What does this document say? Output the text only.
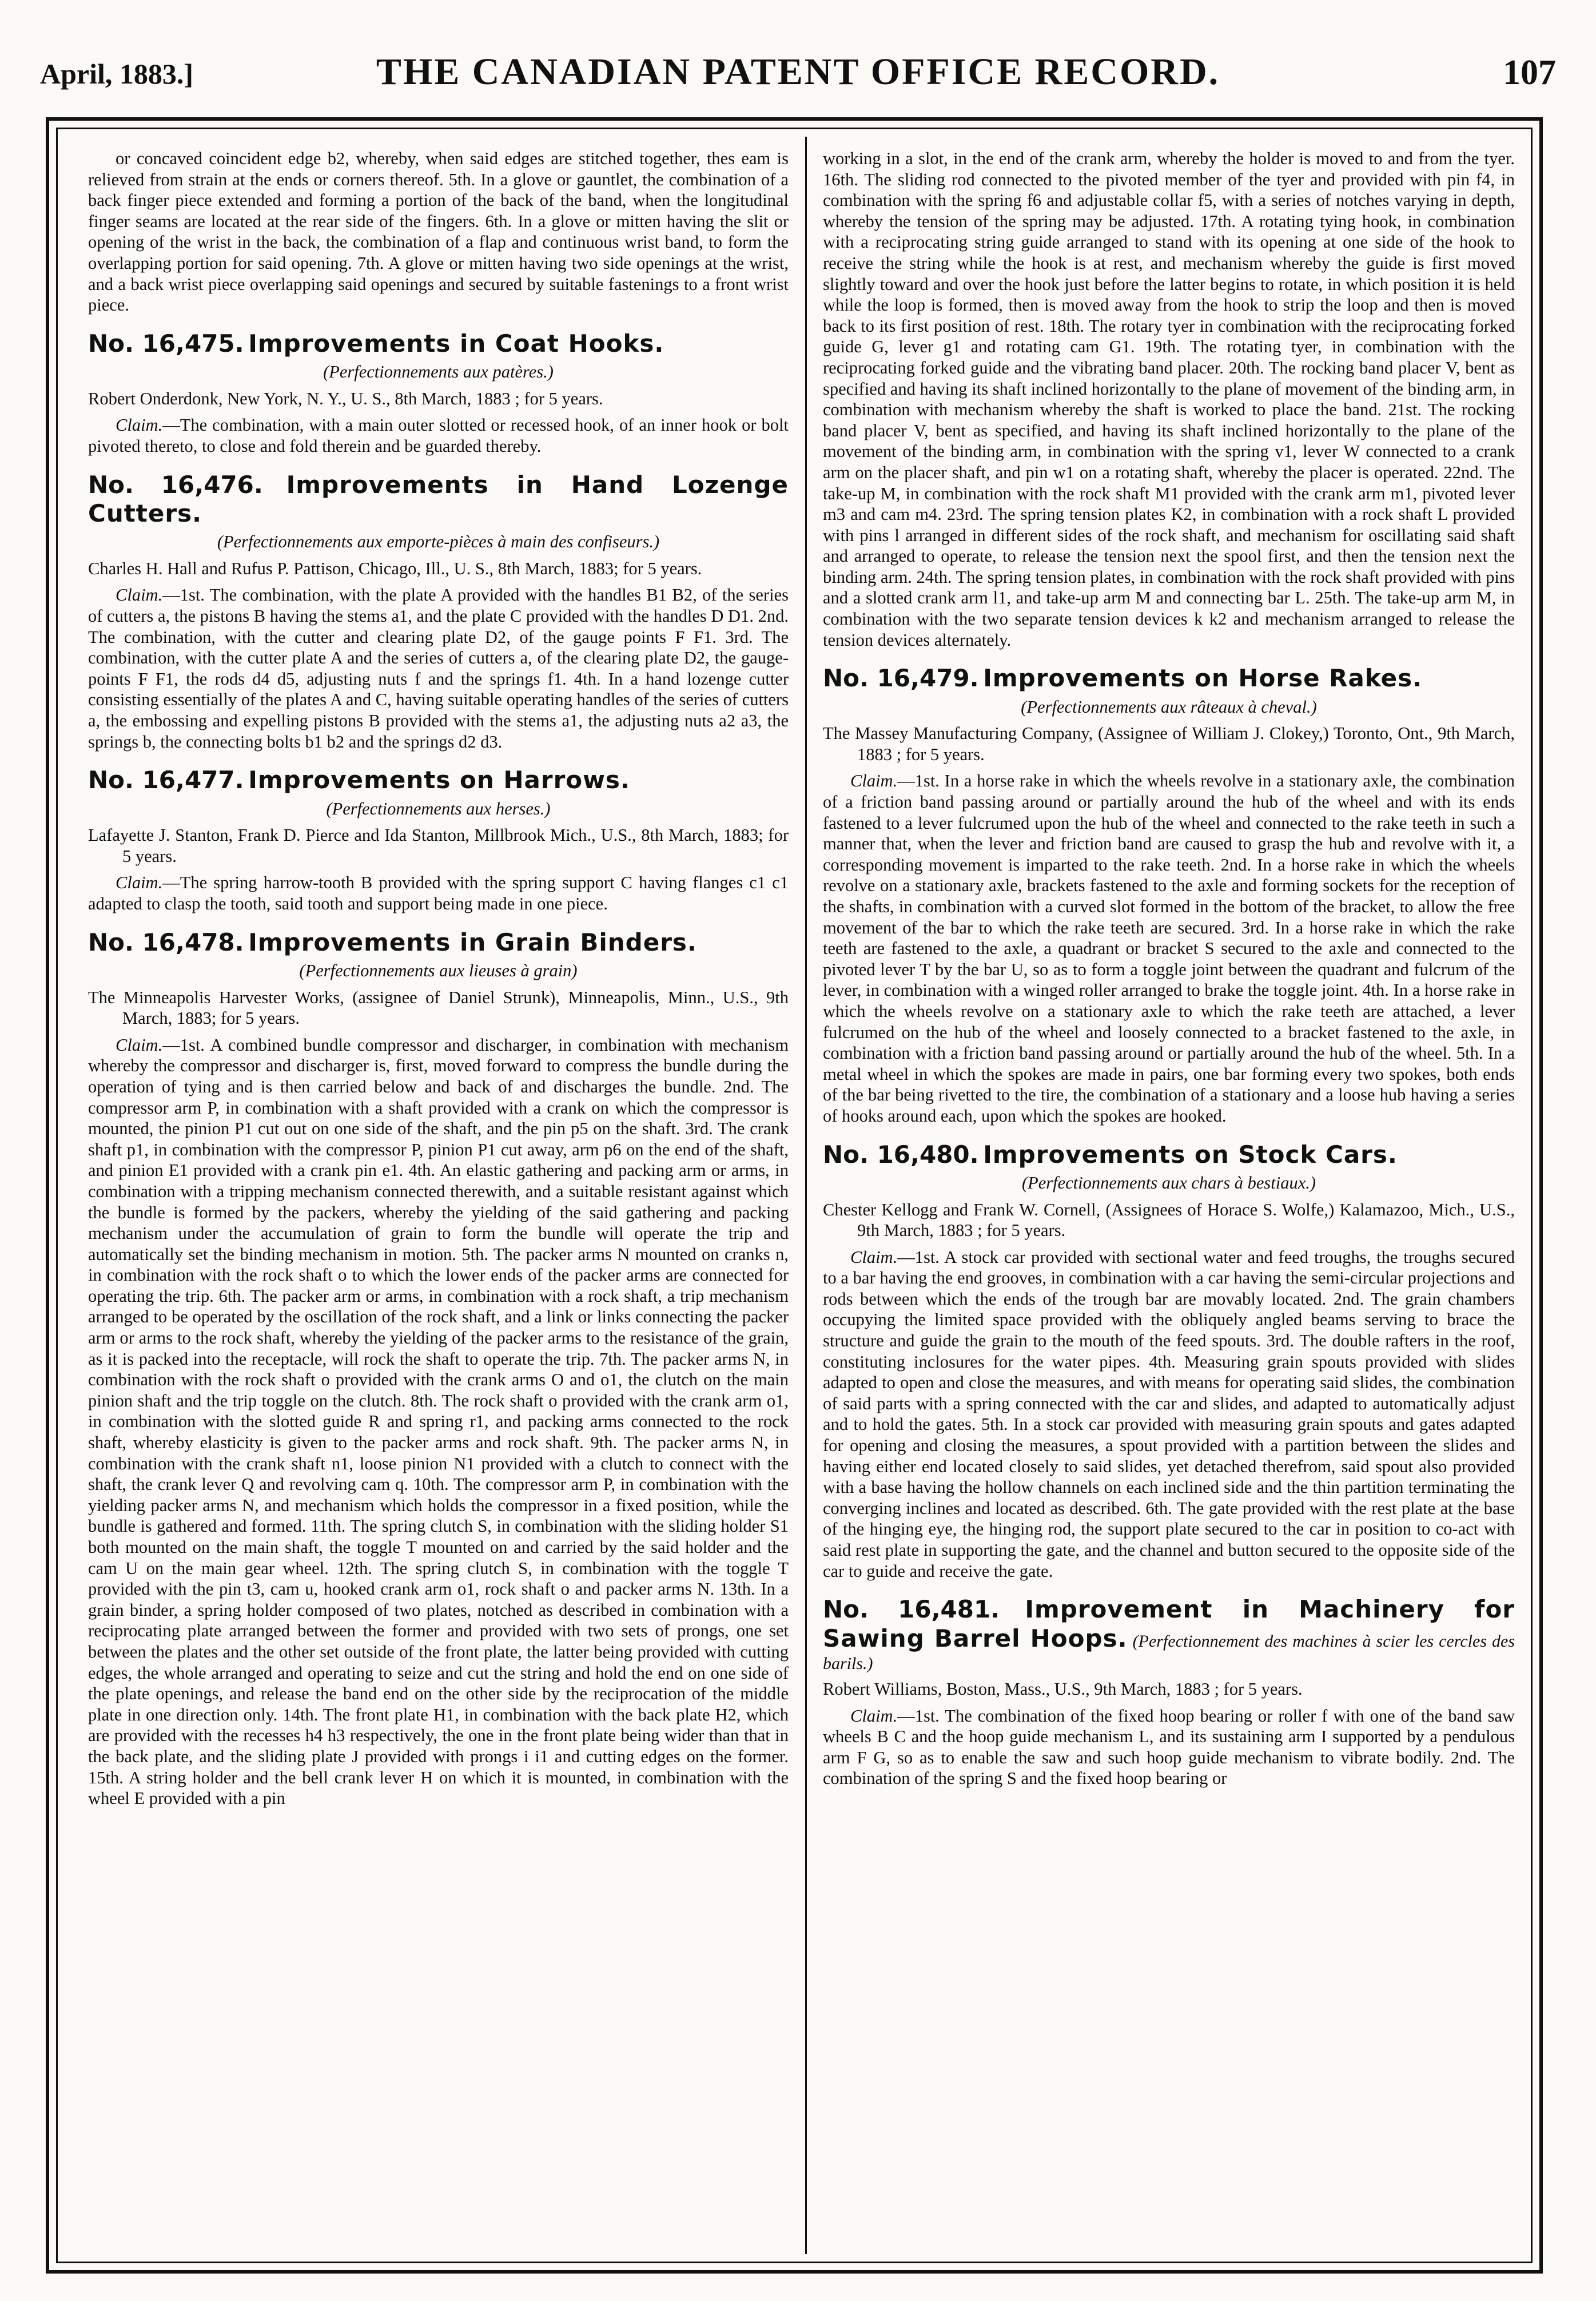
April, 1883.]	THE CANADIAN PATENT OFFICE RECORD.	107

or concaved coincident edge b2, whereby, when said edges are stitched together, thes eam is relieved from strain at the ends or corners thereof. 5th. In a glove or gauntlet, the combination of a back finger piece extended and forming a portion of the back of the band, when the longitudinal finger seams are located at the rear side of the fingers. 6th. In a glove or mitten having the slit or opening of the wrist in the back, the combination of a flap and continuous wrist band, to form the overlapping portion for said opening. 7th. A glove or mitten having two side openings at the wrist, and a back wrist piece overlapping said openings and secured by suitable fastenings to a front wrist piece.

No. 16,475. Improvements in Coat Hooks.

(Perfectionnements aux patères.)

Robert Onderdonk, New York, N. Y., U. S., 8th March, 1883 ; for 5 years.

Claim.—The combination, with a main outer slotted or recessed hook, of an inner hook or bolt pivoted thereto, to close and fold therein and be guarded thereby.

No. 16,476. Improvements in Hand Lozenge Cutters.

(Perfectionnements aux emporte-pièces à main des confiseurs.)

Charles H. Hall and Rufus P. Pattison, Chicago, Ill., U. S., 8th March, 1883; for 5 years.

Claim.—1st. The combination, with the plate A provided with the handles B1 B2, of the series of cutters a, the pistons B having the stems a1, and the plate C provided with the handles D D1. 2nd. The combination, with the cutter and clearing plate D2, of the gauge points F F1. 3rd. The combination, with the cutter plate A and the series of cutters a, of the clearing plate D2, the gauge-points F F1, the rods d4 d5, adjusting nuts f and the springs f1. 4th. In a hand lozenge cutter consisting essentially of the plates A and C, having suitable operating handles of the series of cutters a, the embossing and expelling pistons B provided with the stems a1, the adjusting nuts a2 a3, the springs b, the connecting bolts b1 b2 and the springs d2 d3.

No. 16,477. Improvements on Harrows.

(Perfectionnements aux herses.)

Lafayette J. Stanton, Frank D. Pierce and Ida Stanton, Millbrook Mich., U.S., 8th March, 1883; for 5 years.

Claim.—The spring harrow-tooth B provided with the spring support C having flanges c1 c1 adapted to clasp the tooth, said tooth and support being made in one piece.

No. 16,478. Improvements in Grain Binders.

(Perfectionnements aux lieuses à grain)

The Minneapolis Harvester Works, (assignee of Daniel Strunk), Minneapolis, Minn., U.S., 9th March, 1883; for 5 years.

Claim.—1st. A combined bundle compressor and discharger, in combination with mechanism whereby the compressor and discharger is, first, moved forward to compress the bundle during the operation of tying and is then carried below and back of and discharges the bundle. 2nd. The compressor arm P, in combination with a shaft provided with a crank on which the compressor is mounted, the pinion P1 cut out on one side of the shaft, and the pin p5 on the shaft. 3rd. The crank shaft p1, in combination with the compressor P, pinion P1 cut away, arm p6 on the end of the shaft, and pinion E1 provided with a crank pin e1. 4th. An elastic gathering and packing arm or arms, in combination with a tripping mechanism connected therewith, and a suitable resistant against which the bundle is formed by the packers, whereby the yielding of the said gathering and packing mechanism under the accumulation of grain to form the bundle will operate the trip and automatically set the binding mechanism in motion. 5th. The packer arms N mounted on cranks n, in combination with the rock shaft o to which the lower ends of the packer arms are connected for operating the trip. 6th. The packer arm or arms, in combination with a rock shaft, a trip mechanism arranged to be operated by the oscillation of the rock shaft, and a link or links connecting the packer arm or arms to the rock shaft, whereby the yielding of the packer arms to the resistance of the grain, as it is packed into the receptacle, will rock the shaft to operate the trip. 7th. The packer arms N, in combination with the rock shaft o provided with the crank arms O and o1, the clutch on the main pinion shaft and the trip toggle on the clutch. 8th. The rock shaft o provided with the crank arm o1, in combination with the slotted guide R and spring r1, and packing arms connected to the rock shaft, whereby elasticity is given to the packer arms and rock shaft. 9th. The packer arms N, in combination with the crank shaft n1, loose pinion N1 provided with a clutch to connect with the shaft, the crank lever Q and revolving cam q. 10th. The compressor arm P, in combination with the yielding packer arms N, and mechanism which holds the compressor in a fixed position, while the bundle is gathered and formed. 11th. The spring clutch S, in combination with the sliding holder S1 both mounted on the main shaft, the toggle T mounted on and carried by the said holder and the cam U on the main gear wheel. 12th. The spring clutch S, in combination with the toggle T provided with the pin t3, cam u, hooked crank arm o1, rock shaft o and packer arms N. 13th. In a grain binder, a spring holder composed of two plates, notched as described in combination with a reciprocating plate arranged between the former and provided with two sets of prongs, one set between the plates and the other set outside of the front plate, the latter being provided with cutting edges, the whole arranged and operating to seize and cut the string and hold the end on one side of the plate openings, and release the band end on the other side by the reciprocation of the middle plate in one direction only. 14th. The front plate H1, in combination with the back plate H2, which are provided with the recesses h4 h3 respectively, the one in the front plate being wider than that in the back plate, and the sliding plate J provided with prongs i i1 and cutting edges on the former. 15th. A string holder and the bell crank lever H on which it is mounted, in combination with the wheel E provided with a pin

working in a slot, in the end of the crank arm, whereby the holder is moved to and from the tyer. 16th. The sliding rod connected to the pivoted member of the tyer and provided with pin f4, in combination with the spring f6 and adjustable collar f5, with a series of notches varying in depth, whereby the tension of the spring may be adjusted. 17th. A rotating tying hook, in combination with a reciprocating string guide arranged to stand with its opening at one side of the hook to receive the string while the hook is at rest, and mechanism whereby the guide is first moved slightly toward and over the hook just before the latter begins to rotate, in which position it is held while the loop is formed, then is moved away from the hook to strip the loop and then is moved back to its first position of rest. 18th. The rotary tyer in combination with the reciprocating forked guide G, lever g1 and rotating cam G1. 19th. The rotating tyer, in combination with the reciprocating forked guide and the vibrating band placer. 20th. The rocking band placer V, bent as specified and having its shaft inclined horizontally to the plane of movement of the binding arm, in combination with mechanism whereby the shaft is worked to place the band. 21st. The rocking band placer V, bent as specified, and having its shaft inclined horizontally to the plane of the movement of the binding arm, in combination with the spring v1, lever W connected to a crank arm on the placer shaft, and pin w1 on a rotating shaft, whereby the placer is operated. 22nd. The take-up M, in combination with the rock shaft M1 provided with the crank arm m1, pivoted lever m3 and cam m4. 23rd. The spring tension plates K2, in combination with a rock shaft L provided with pins l arranged in different sides of the rock shaft, and mechanism for oscillating said shaft and arranged to operate, to release the tension next the spool first, and then the tension next the binding arm. 24th. The spring tension plates, in combination with the rock shaft provided with pins and a slotted crank arm l1, and take-up arm M and connecting bar L. 25th. The take-up arm M, in combination with the two separate tension devices k k2 and mechanism arranged to release the tension devices alternately.

No. 16,479. Improvements on Horse Rakes.

(Perfectionnements aux râteaux à cheval.)

The Massey Manufacturing Company, (Assignee of William J. Clokey,) Toronto, Ont., 9th March, 1883 ; for 5 years.

Claim.—1st. In a horse rake in which the wheels revolve in a stationary axle, the combination of a friction band passing around or partially around the hub of the wheel and with its ends fastened to a lever fulcrumed upon the hub of the wheel and connected to the rake teeth in such a manner that, when the lever and friction band are caused to grasp the hub and revolve with it, a corresponding movement is imparted to the rake teeth. 2nd. In a horse rake in which the wheels revolve on a stationary axle, brackets fastened to the axle and forming sockets for the reception of the shafts, in combination with a curved slot formed in the bottom of the bracket, to allow the free movement of the bar to which the rake teeth are secured. 3rd. In a horse rake in which the rake teeth are fastened to the axle, a quadrant or bracket S secured to the axle and connected to the pivoted lever T by the bar U, so as to form a toggle joint between the quadrant and fulcrum of the lever, in combination with a winged roller arranged to brake the toggle joint. 4th. In a horse rake in which the wheels revolve on a stationary axle to which the rake teeth are attached, a lever fulcrumed on the hub of the wheel and loosely connected to a bracket fastened to the axle, in combination with a friction band passing around or partially around the hub of the wheel. 5th. In a metal wheel in which the spokes are made in pairs, one bar forming every two spokes, both ends of the bar being rivetted to the tire, the combination of a stationary and a loose hub having a series of hooks around each, upon which the spokes are hooked.

No. 16,480. Improvements on Stock Cars.

(Perfectionnements aux chars à bestiaux.)

Chester Kellogg and Frank W. Cornell, (Assignees of Horace S. Wolfe,) Kalamazoo, Mich., U.S., 9th March, 1883 ; for 5 years.

Claim.—1st. A stock car provided with sectional water and feed troughs, the troughs secured to a bar having the end grooves, in combination with a car having the semi-circular projections and rods between which the ends of the trough bar are movably located. 2nd. The grain chambers occupying the limited space provided with the obliquely angled beams serving to brace the structure and guide the grain to the mouth of the feed spouts. 3rd. The double rafters in the roof, constituting inclosures for the water pipes. 4th. Measuring grain spouts provided with slides adapted to open and close the measures, and with means for operating said slides, the combination of said parts with a spring connected with the car and slides, and adapted to automatically adjust and to hold the gates. 5th. In a stock car provided with measuring grain spouts and gates adapted for opening and closing the measures, a spout provided with a partition between the slides and having either end located closely to said slides, yet detached therefrom, said spout also provided with a base having the hollow channels on each inclined side and the thin partition terminating the converging inclines and located as described. 6th. The gate provided with the rest plate at the base of the hinging eye, the hinging rod, the support plate secured to the car in position to co-act with said rest plate in supporting the gate, and the channel and button secured to the opposite side of the car to guide and receive the gate.

No. 16,481. Improvement in Machinery for Sawing Barrel Hoops. (Perfectionnement des machines à scier les cercles des barils.)

Robert Williams, Boston, Mass., U.S., 9th March, 1883 ; for 5 years.

Claim.—1st. The combination of the fixed hoop bearing or roller f with one of the band saw wheels B C and the hoop guide mechanism L, and its sustaining arm I supported by a pendulous arm F G, so as to enable the saw and such hoop guide mechanism to vibrate bodily. 2nd. The combination of the spring S and the fixed hoop bearing or
